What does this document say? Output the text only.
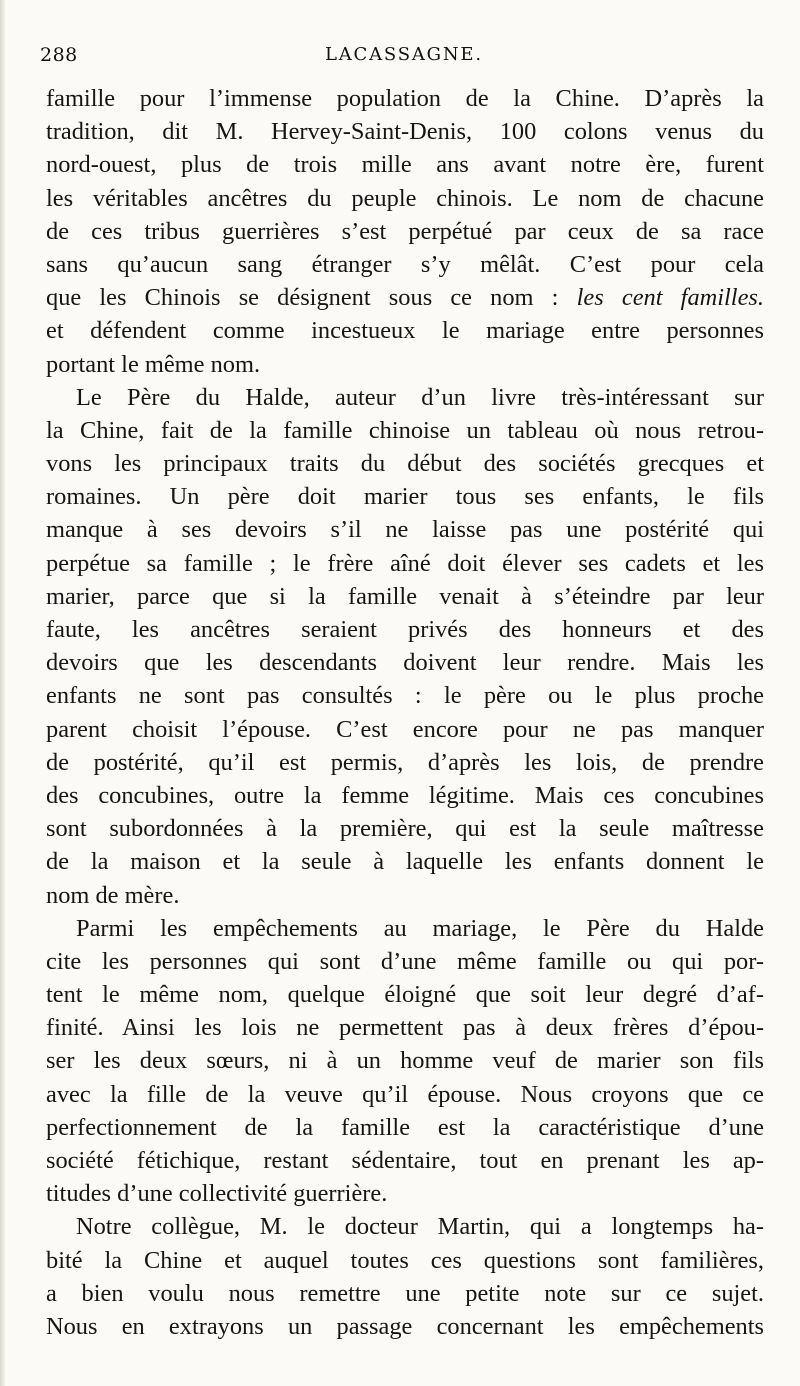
288	LACASSAGNE.
famille pour l’immense population de la Chine. D’après la
tradition, dit M. Hervey-Saint-Denis, 100 colons venus du
nord-ouest, plus de trois mille ans avant notre ère, furent
les véritables ancêtres du peuple chinois. Le nom de chacune
de ces tribus guerrières s’est perpétué par ceux de sa race
sans qu’aucun sang étranger s’y mêlât. C’est pour cela
que les Chinois se désignent sous ce nom : les cent familles.
et défendent comme incestueux le mariage entre personnes
portant le même nom.
Le Père du Halde, auteur d’un livre très-intéressant sur
la Chine, fait de la famille chinoise un tableau où nous retrou-
vons les principaux traits du début des sociétés grecques et
romaines. Un père doit marier tous ses enfants, le fils
manque à ses devoirs s’il ne laisse pas une postérité qui
perpétue sa famille ; le frère aîné doit élever ses cadets et les
marier, parce que si la famille venait à s’éteindre par leur
faute, les ancêtres seraient privés des honneurs et des
devoirs que les descendants doivent leur rendre. Mais les
enfants ne sont pas consultés : le père ou le plus proche
parent choisit l’épouse. C’est encore pour ne pas manquer
de postérité, qu’il est permis, d’après les lois, de prendre
des concubines, outre la femme légitime. Mais ces concubines
sont subordonnées à la première, qui est la seule maîtresse
de la maison et la seule à laquelle les enfants donnent le
nom de mère.
Parmi les empêchements au mariage, le Père du Halde
cite les personnes qui sont d’une même famille ou qui por-
tent le même nom, quelque éloigné que soit leur degré d’af-
finité. Ainsi les lois ne permettent pas à deux frères d’épou-
ser les deux sœurs, ni à un homme veuf de marier son fils
avec la fille de la veuve qu’il épouse. Nous croyons que ce
perfectionnement de la famille est la caractéristique d’une
société fétichique, restant sédentaire, tout en prenant les ap-
titudes d’une collectivité guerrière.
Notre collègue, M. le docteur Martin, qui a longtemps ha-
bité la Chine et auquel toutes ces questions sont familières,
a bien voulu nous remettre une petite note sur ce sujet.
Nous en extrayons un passage concernant les empêchements
